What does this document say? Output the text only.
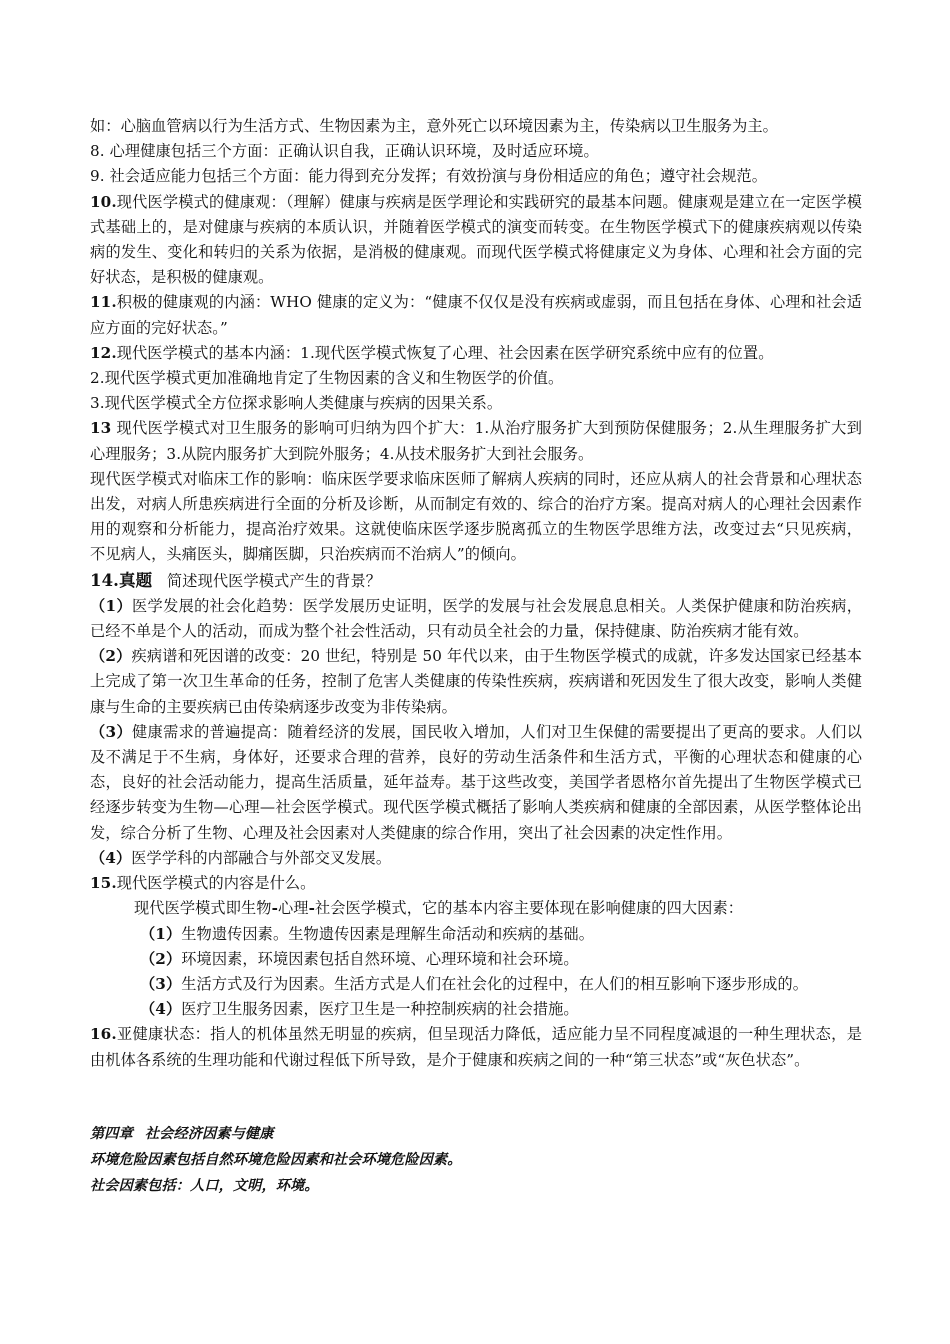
如：心脑血管病以行为生活方式、生物因素为主，意外死亡以环境因素为主，传染病以卫生服务为主。

8. 心理健康包括三个方面：正确认识自我，正确认识环境，及时适应环境。

9. 社会适应能力包括三个方面：能力得到充分发挥；有效扮演与身份相适应的角色；遵守社会规范。

10.现代医学模式的健康观：（理解）健康与疾病是医学理论和实践研究的最基本问题。健康观是建立在一定医学模式基础上的，是对健康与疾病的本质认识，并随着医学模式的演变而转变。在生物医学模式下的健康疾病观以传染病的发生、变化和转归的关系为依据，是消极的健康观。而现代医学模式将健康定义为身体、心理和社会方面的完好状态，是积极的健康观。

11.积极的健康观的内涵：WHO 健康的定义为：“健康不仅仅是没有疾病或虚弱，而且包括在身体、心理和社会适应方面的完好状态。”

12.现代医学模式的基本内涵：1.现代医学模式恢复了心理、社会因素在医学研究系统中应有的位置。

2.现代医学模式更加准确地肯定了生物因素的含义和生物医学的价值。

3.现代医学模式全方位探求影响人类健康与疾病的因果关系。

13 现代医学模式对卫生服务的影响可归纳为四个扩大：1.从治疗服务扩大到预防保健服务；2.从生理服务扩大到心理服务；3.从院内服务扩大到院外服务；4.从技术服务扩大到社会服务。

现代医学模式对临床工作的影响：临床医学要求临床医师了解病人疾病的同时，还应从病人的社会背景和心理状态出发，对病人所患疾病进行全面的分析及诊断，从而制定有效的、综合的治疗方案。提高对病人的心理社会因素作用的观察和分析能力，提高治疗效果。这就使临床医学逐步脱离孤立的生物医学思维方法，改变过去“只见疾病，不见病人，头痛医头，脚痛医脚，只治疾病而不治病人”的倾向。

14.真题 简述现代医学模式产生的背景？

（1）医学发展的社会化趋势：医学发展历史证明，医学的发展与社会发展息息相关。人类保护健康和防治疾病，已经不单是个人的活动，而成为整个社会性活动，只有动员全社会的力量，保持健康、防治疾病才能有效。

（2）疾病谱和死因谱的改变：20 世纪，特别是 50 年代以来，由于生物医学模式的成就，许多发达国家已经基本上完成了第一次卫生革命的任务，控制了危害人类健康的传染性疾病，疾病谱和死因发生了很大改变，影响人类健康与生命的主要疾病已由传染病逐步改变为非传染病。

（3）健康需求的普遍提高：随着经济的发展，国民收入增加，人们对卫生保健的需要提出了更高的要求。人们以及不满足于不生病，身体好，还要求合理的营养，良好的劳动生活条件和生活方式，平衡的心理状态和健康的心态，良好的社会活动能力，提高生活质量，延年益寿。基于这些改变，美国学者恩格尔首先提出了生物医学模式已经逐步转变为生物—心理—社会医学模式。现代医学模式概括了影响人类疾病和健康的全部因素，从医学整体论出发，综合分析了生物、心理及社会因素对人类健康的综合作用，突出了社会因素的决定性作用。

（4）医学学科的内部融合与外部交叉发展。

15.现代医学模式的内容是什么。

现代医学模式即生物-心理-社会医学模式，它的基本内容主要体现在影响健康的四大因素：

（1）生物遗传因素。生物遗传因素是理解生命活动和疾病的基础。

（2）环境因素，环境因素包括自然环境、心理环境和社会环境。

（3）生活方式及行为因素。生活方式是人们在社会化的过程中，在人们的相互影响下逐步形成的。

（4）医疗卫生服务因素，医疗卫生是一种控制疾病的社会措施。

16.亚健康状态：指人的机体虽然无明显的疾病，但呈现活力降低，适应能力呈不同程度减退的一种生理状态，是由机体各系统的生理功能和代谢过程低下所导致，是介于健康和疾病之间的一种“第三状态”或“灰色状态”。

第四章 社会经济因素与健康

环境危险因素包括自然环境危险因素和社会环境危险因素。

社会因素包括：人口，文明，环境。
